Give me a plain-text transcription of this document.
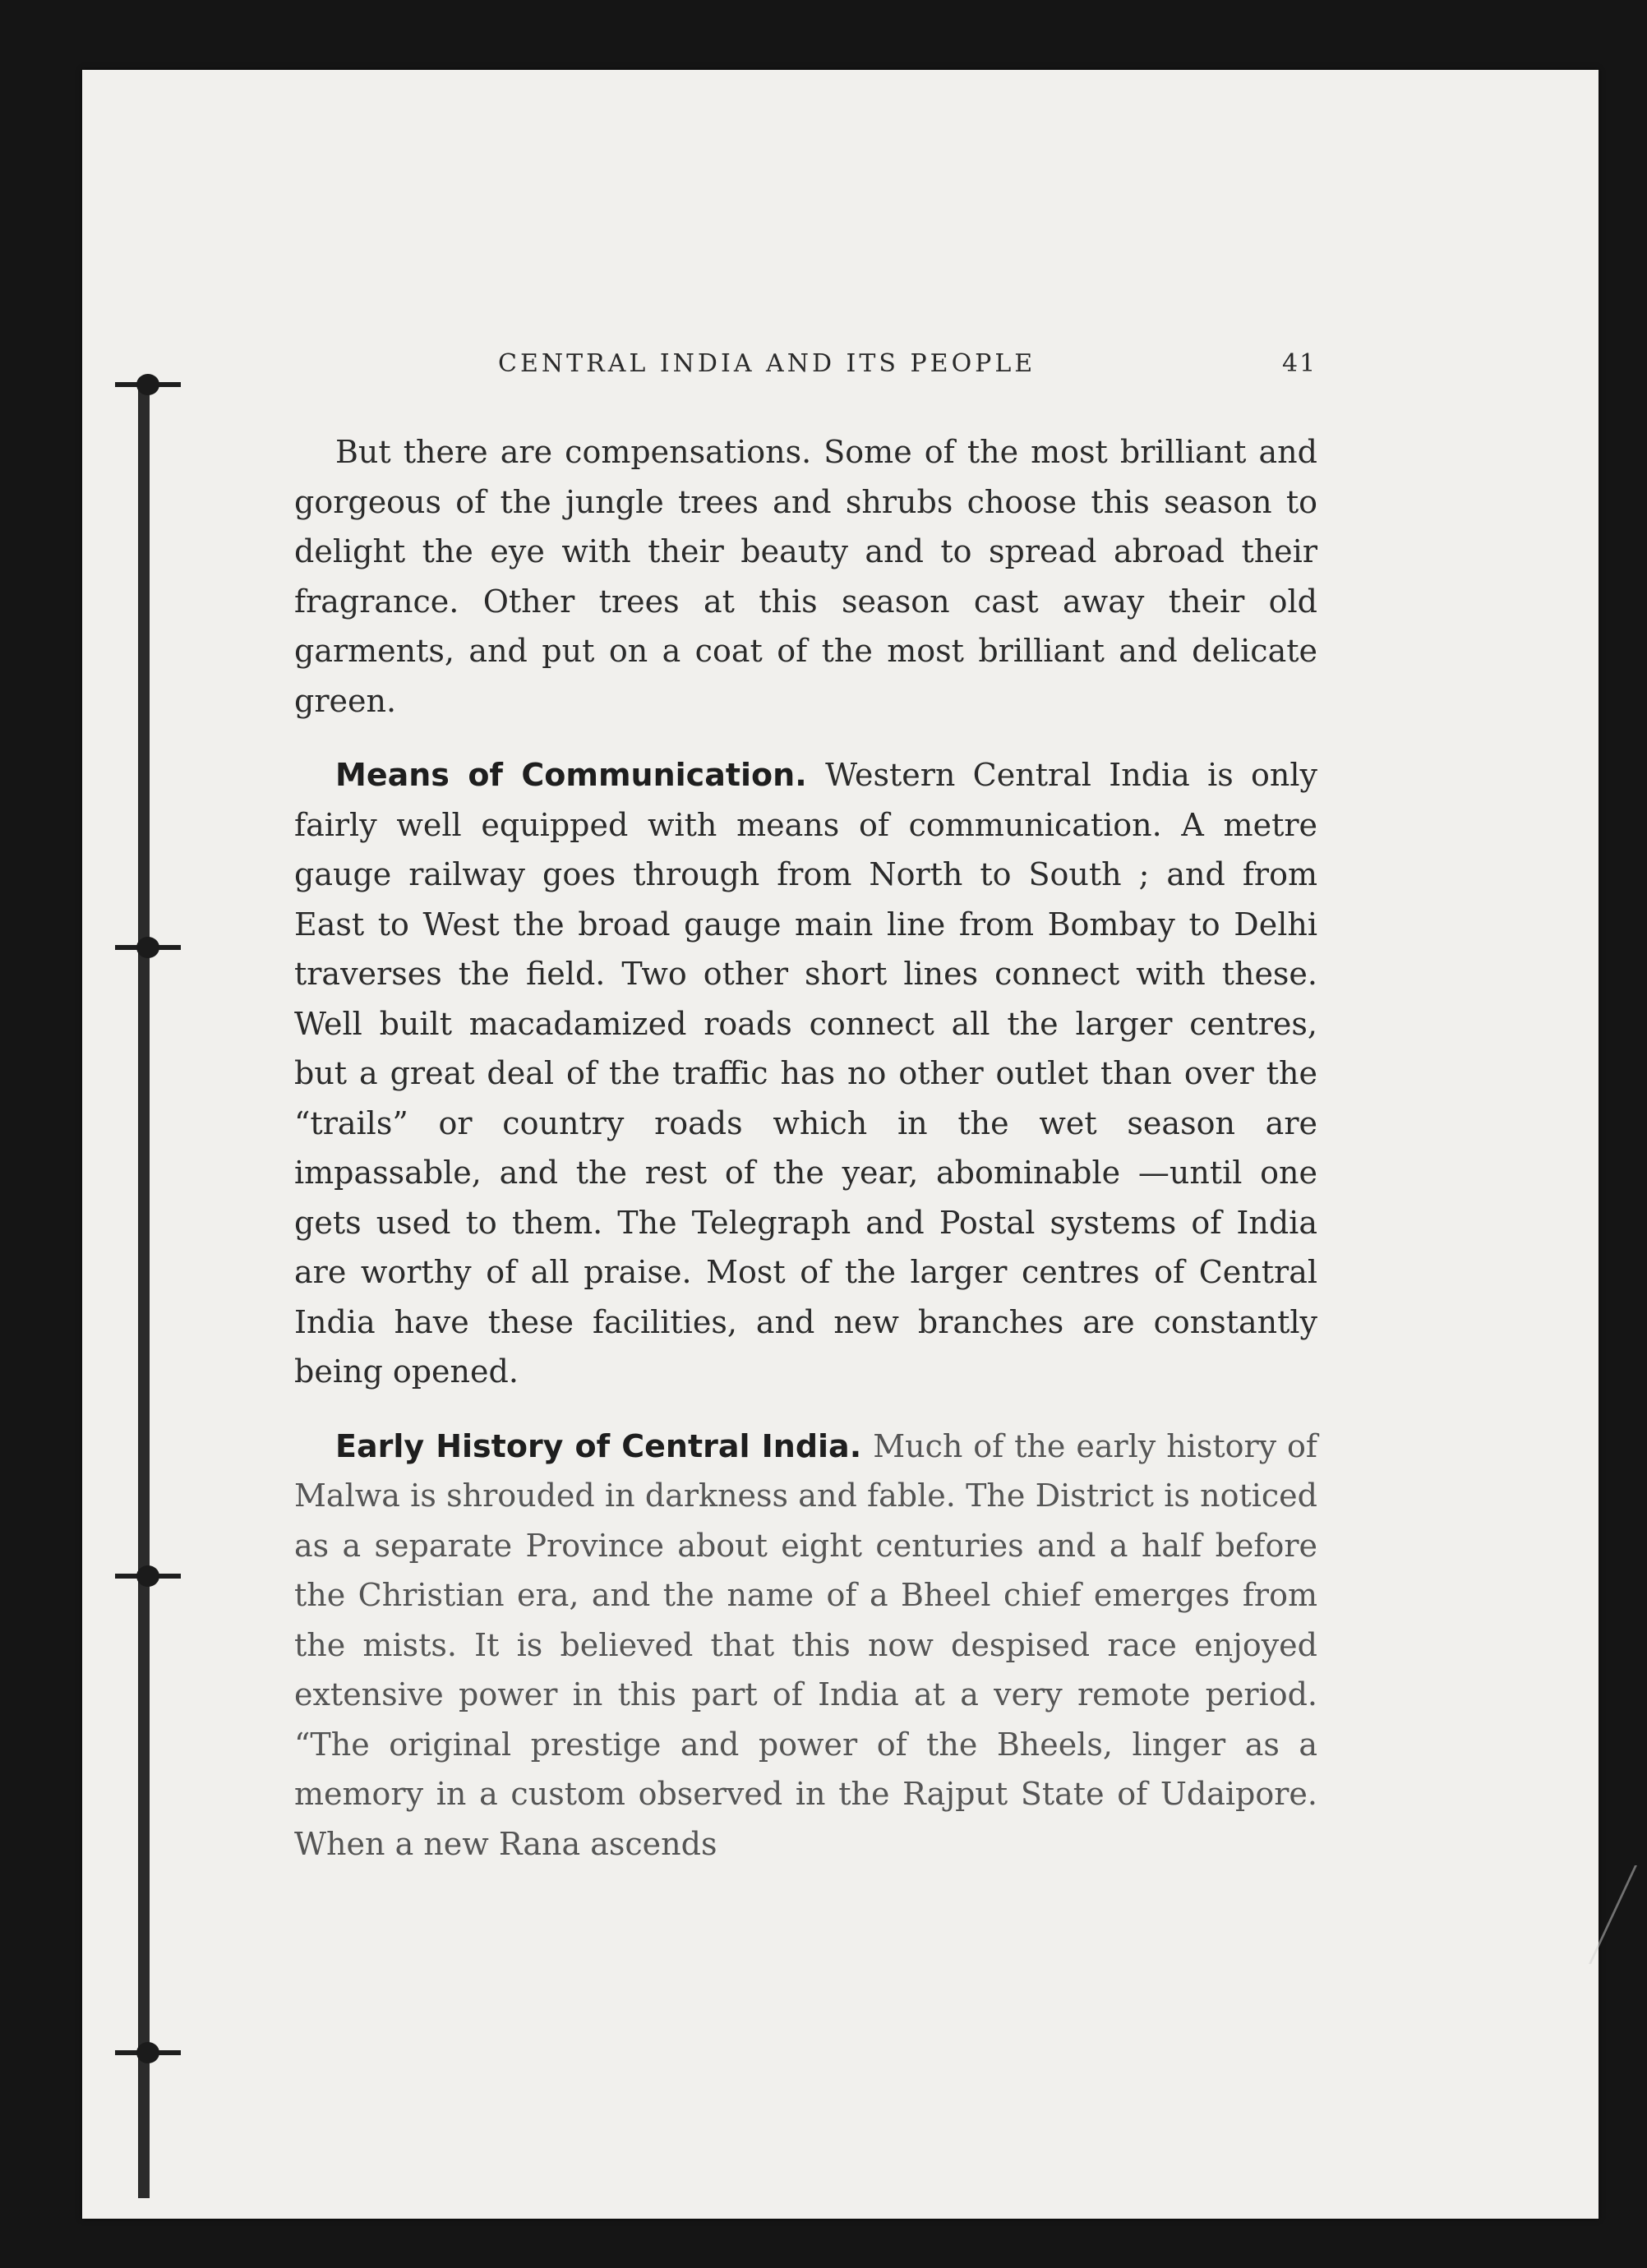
CENTRAL INDIA AND ITS PEOPLE	41

But there are compensations. Some of the most brilliant and gorgeous of the jungle trees and shrubs choose this season to delight the eye with their beauty and to spread abroad their fragrance. Other trees at this season cast away their old garments, and put on a coat of the most brilliant and delicate green.

Means of Communication. Western Central India is only fairly well equipped with means of communication. A metre gauge railway goes through from North to South ; and from East to West the broad gauge main line from Bombay to Delhi traverses the field. Two other short lines connect with these. Well built macadamized roads connect all the larger centres, but a great deal of the traffic has no other outlet than over the “trails” or country roads which in the wet season are impassable, and the rest of the year, abominable —until one gets used to them. The Telegraph and Postal systems of India are worthy of all praise. Most of the larger centres of Central India have these facilities, and new branches are constantly being opened.

Early History of Central India. Much of the early history of Malwa is shrouded in darkness and fable. The District is noticed as a separate Province about eight centuries and a half before the Christian era, and the name of a Bheel chief emerges from the mists. It is believed that this now despised race enjoyed extensive power in this part of India at a very remote period. “The original prestige and power of the Bheels, linger as a memory in a custom observed in the Rajput State of Udaipore. When a new Rana ascends
